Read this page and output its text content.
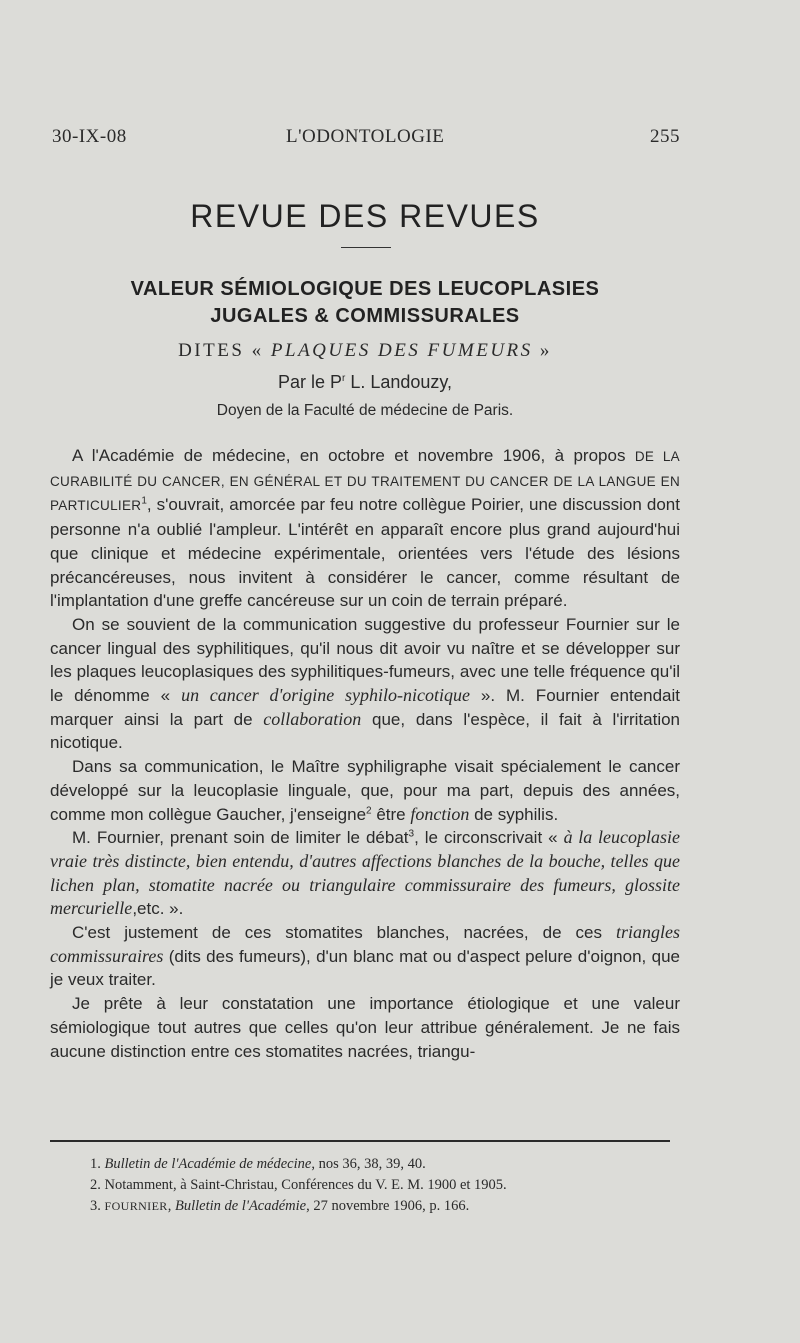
30-IX-08	L'ODONTOLOGIE	255
REVUE DES REVUES
VALEUR SÉMIOLOGIQUE DES LEUCOPLASIES
JUGALES & COMMISSURALES
DITES « PLAQUES DES FUMEURS »
Par le $P^r$ L. Landouzy,
Doyen de la Faculté de médecine de Paris.

A l'Académie de médecine, en octobre et novembre 1906, à propos DE LA CURABILITÉ DU CANCER, EN GÉNÉRAL ET DU TRAITEMENT DU CANCER DE LA LANGUE EN PARTICULIER$^1$, s'ouvrait, amorcée par feu notre collègue Poirier, une discussion dont personne n'a oublié l'ampleur. L'intérêt en apparaît encore plus grand aujourd'hui que clinique et médecine expérimentale, orientées vers l'étude des lésions précancéreuses, nous invitent à considérer le cancer, comme résultant de l'implantation d'une greffe cancéreuse sur un coin de terrain préparé.

On se souvient de la communication suggestive du professeur Fournier sur le cancer lingual des syphilitiques, qu'il nous dit avoir vu naître et se développer sur les plaques leucoplasiques des syphilitiques-fumeurs, avec une telle fréquence qu'il le dénomme « un cancer d'origine syphilo-nicotique ». M. Fournier entendait marquer ainsi la part de collaboration que, dans l'espèce, il fait à l'irritation nicotique.

Dans sa communication, le Maître syphiligraphe visait spécialement le cancer développé sur la leucoplasie linguale, que, pour ma part, depuis des années, comme mon collègue Gaucher, j'enseigne$^2$ être fonction de syphilis.

M. Fournier, prenant soin de limiter le débat$^3$, le circonscrivait « à la leucoplasie vraie très distincte, bien entendu, d'autres affections blanches de la bouche, telles que lichen plan, stomatite nacrée ou triangulaire commissuraire des fumeurs, glossite mercurielle,etc. ».

C'est justement de ces stomatites blanches, nacrées, de ces triangles commissuraires (dits des fumeurs), d'un blanc mat ou d'aspect pelure d'oignon, que je veux traiter.

Je prête à leur constatation une importance étiologique et une valeur sémiologique tout autres que celles qu'on leur attribue généralement. Je ne fais aucune distinction entre ces stomatites nacrées, triangu-

1. Bulletin de l'Académie de médecine, nos 36, 38, 39, 40.
2. Notamment, à Saint-Christau, Conférences du V. E. M. 1900 et 1905.
3. FOURNIER, Bulletin de l'Académie, 27 novembre 1906, p. 166.
